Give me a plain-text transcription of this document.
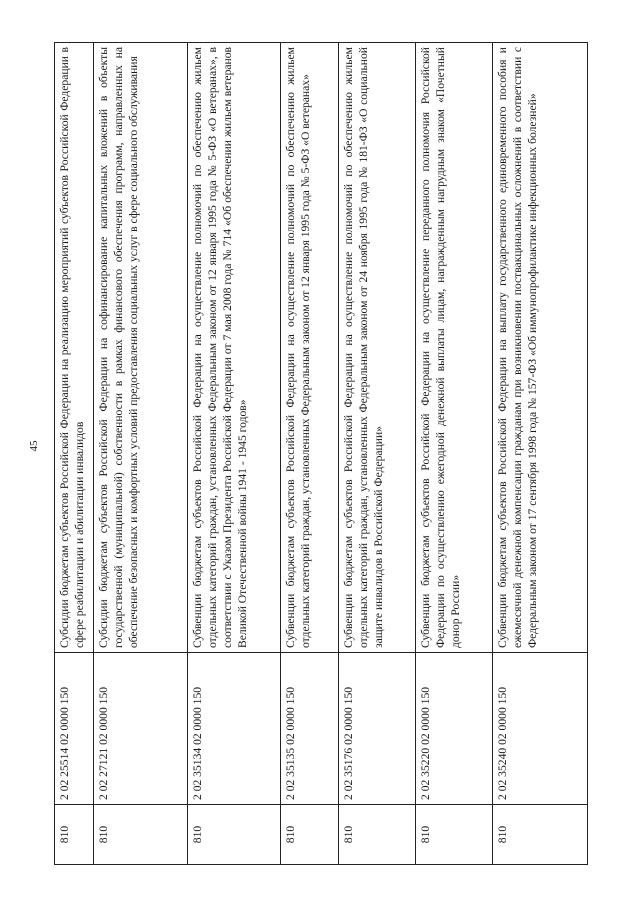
45
810	2 02 25514 02 0000 150	Субсидии бюджетам субъектов Российской Федерации на реализацию мероприятий субъектов Российской Федерации в сфере реабилитации и абилитации инвалидов
810	2 02 27121 02 0000 150	Субсидии бюджетам субъектов Российской Федерации на софинансирование капитальных вложений в объекты государственной (муниципальной) собственности в рамках финансового обеспечения программ, направленных на обеспечение безопасных и комфортных условий предоставления социальных услуг в сфере социального обслуживания
810	2 02 35134 02 0000 150	Субвенции бюджетам субъектов Российской Федерации на осуществление полномочий по обеспечению жильем отдельных категорий граждан, установленных Федеральным законом от 12 января 1995 года № 5-ФЗ «О ветеранах», в соответствии с Указом Президента Российской Федерации от 7 мая 2008 года № 714 «Об обеспечении жильем ветеранов Великой Отечественной войны 1941 - 1945 годов»
810	2 02 35135 02 0000 150	Субвенции бюджетам субъектов Российской Федерации на осуществление полномочий по обеспечению жильем отдельных категорий граждан, установленных Федеральным законом от 12 января 1995 года № 5-ФЗ «О ветеранах»
810	2 02 35176 02 0000 150	Субвенции бюджетам субъектов Российской Федерации на осуществление полномочий по обеспечению жильем отдельных категорий граждан, установленных Федеральным законом от 24 ноября 1995 года № 181-ФЗ «О социальной защите инвалидов в Российской Федерации»
810	2 02 35220 02 0000 150	Субвенции бюджетам субъектов Российской Федерации на осуществление переданного полномочия Российской Федерации по осуществлению ежегодной денежной выплаты лицам, награжденным нагрудным знаком «Почетный донор России»
810	2 02 35240 02 0000 150	Субвенции бюджетам субъектов Российской Федерации на выплату государственного единовременного пособия и ежемесячной денежной компенсации гражданам при возникновении поствакцинальных осложнений в соответствии с Федеральным законом от 17 сентября 1998 года № 157-ФЗ «Об иммунопрофилактике инфекционных болезней»
